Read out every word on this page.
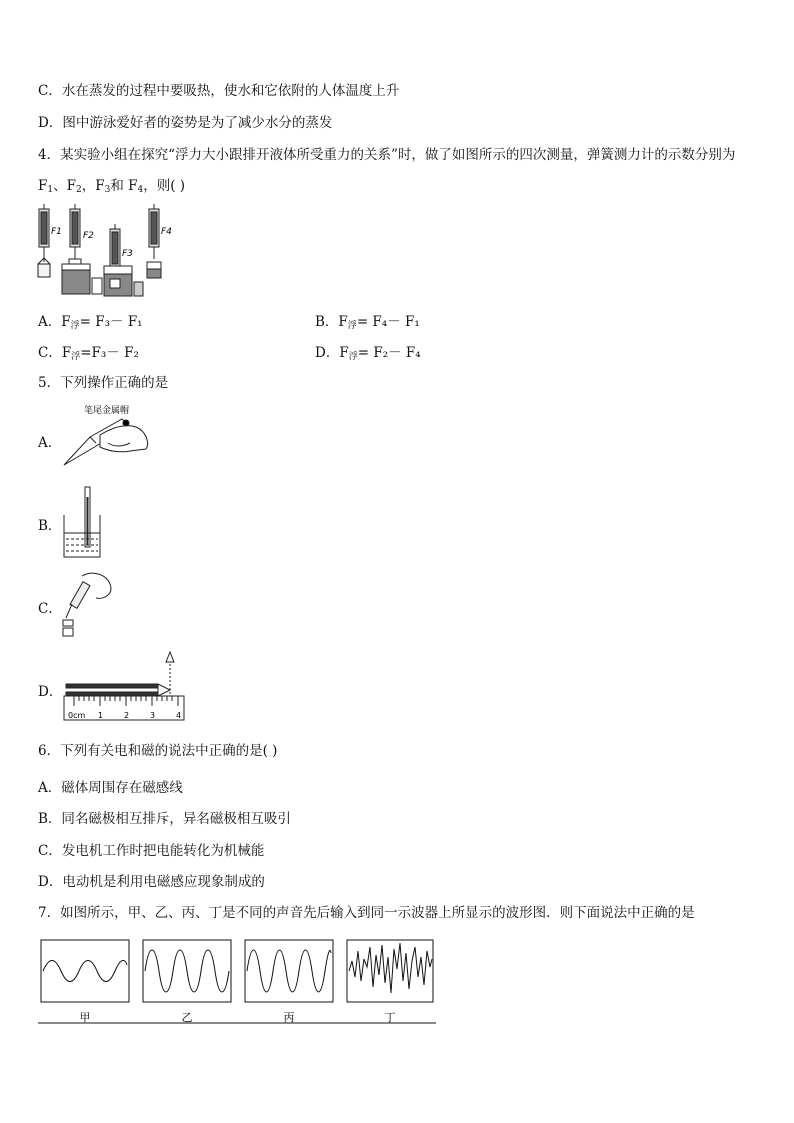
C．水在蒸发的过程中要吸热，使水和它依附的人体温度上升
D．图中游泳爱好者的姿势是为了减少水分的蒸发
4．某实验小组在探究“浮力大小跟排开液体所受重力的关系”时，做了如图所示的四次测量，弹簧测力计的示数分别为
$F_1$、$F_2$，$F_3$和 $F_4$，则( )
F1 F2
F3
F4
A．$F_浮= F_3- F_1$	B．$F_浮= F_4- F_1$
C．$F_浮=F_3- F_2$	D．$F_浮= F_2- F_4$
5．下列操作正确的是
A．
笔尾金属帽
B．
C．
D．
0cm 1	2	3	4
6．下列有关电和磁的说法中正确的是( )
A．磁体周围存在磁感线
B．同名磁极相互排斥，异名磁极相互吸引
C．发电机工作时把电能转化为机械能
D．电动机是利用电磁感应现象制成的
7．如图所示，甲、乙、丙、丁是不同的声音先后输入到同一示波器上所显示的波形图．则下面说法中正确的是
甲	乙	丙	丁
